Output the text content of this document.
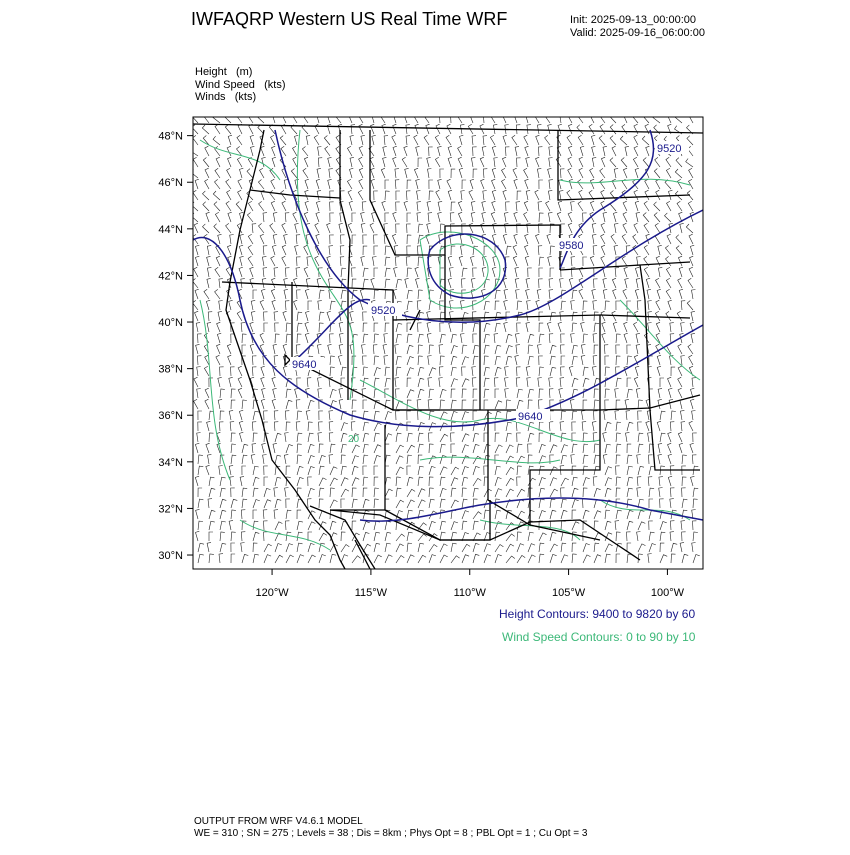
IWFAQRP Western US Real Time WRF	Init: 2025-09-13_00:00:00
Valid: 2025-09-16_06:00:00
Height   (m)
Wind Speed   (kts)
Winds   (kts)
48°N
46°N
44°N
42°N
40°N
38°N
36°N
34°N
32°N
30°N
120°W	115°W	110°W	105°W	100°W
9520
9520
9580
9640
9640
20
Height Contours: 9400 to 9820 by 60
Wind Speed Contours: 0 to 90 by 10
OUTPUT FROM WRF V4.6.1 MODEL
WE = 310 ; SN = 275 ; Levels = 38 ; Dis = 8km ; Phys Opt = 8 ; PBL Opt = 1 ; Cu Opt = 3
